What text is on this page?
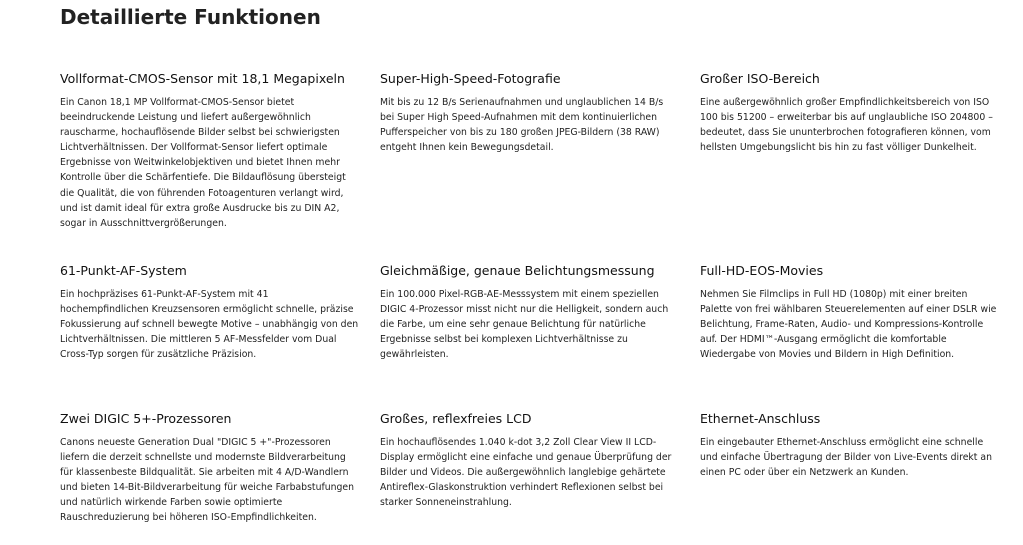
Detaillierte Funktionen
Vollformat-CMOS-Sensor mit 18,1 Megapixeln

Ein Canon 18,1 MP Vollformat-CMOS-Sensor bietet beeindruckende Leistung und liefert außergewöhnlich rauscharme, hochauflösende Bilder selbst bei schwierigsten Lichtverhältnissen. Der Vollformat-Sensor liefert optimale Ergebnisse von Weitwinkelobjektiven und bietet Ihnen mehr Kontrolle über die Schärfentiefe. Die Bildauflösung übersteigt die Qualität, die von führenden Fotoagenturen verlangt wird, und ist damit ideal für extra große Ausdrucke bis zu DIN A2, sogar in Ausschnittvergrößerungen.

Super-High-Speed-Fotografie

Mit bis zu 12 B/s Serienaufnahmen und unglaublichen 14 B/s bei Super High Speed-Aufnahmen mit dem kontinuierlichen Pufferspeicher von bis zu 180 großen JPEG-Bildern (38 RAW) entgeht Ihnen kein Bewegungsdetail.

Großer ISO-Bereich

Eine außergewöhnlich großer Empfindlichkeitsbereich von ISO 100 bis 51200 – erweiterbar bis auf unglaubliche ISO 204800 – bedeutet, dass Sie ununterbrochen fotografieren können, vom hellsten Umgebungslicht bis hin zu fast völliger Dunkelheit.

61-Punkt-AF-System

Ein hochpräzises 61-Punkt-AF-System mit 41 hochempfindlichen Kreuzsensoren ermöglicht schnelle, präzise Fokussierung auf schnell bewegte Motive – unabhängig von den Lichtverhältnissen. Die mittleren 5 AF-Messfelder vom Dual Cross-Typ sorgen für zusätzliche Präzision.

Gleichmäßige, genaue Belichtungsmessung

Ein 100.000 Pixel-RGB-AE-Messsystem mit einem speziellen DIGIC 4-Prozessor misst nicht nur die Helligkeit, sondern auch die Farbe, um eine sehr genaue Belichtung für natürliche Ergebnisse selbst bei komplexen Lichtverhältnisse zu gewährleisten.

Full-HD-EOS-Movies

Nehmen Sie Filmclips in Full HD (1080p) mit einer breiten Palette von frei wählbaren Steuerelementen auf einer DSLR wie Belichtung, Frame-Raten, Audio- und Kompressions-Kontrolle auf. Der HDMI™-Ausgang ermöglicht die komfortable Wiedergabe von Movies und Bildern in High Definition.

Zwei DIGIC 5+-Prozessoren

Canons neueste Generation Dual "DIGIC 5 +"-Prozessoren liefern die derzeit schnellste und modernste Bildverarbeitung für klassenbeste Bildqualität. Sie arbeiten mit 4 A/D-Wandlern und bieten 14-Bit-Bildverarbeitung für weiche Farbabstufungen und natürlich wirkende Farben sowie optimierte Rauschreduzierung bei höheren ISO-Empfindlichkeiten.

Großes, reflexfreies LCD

Ein hochauflösendes 1.040 k-dot 3,2 Zoll Clear View II LCD-Display ermöglicht eine einfache und genaue Überprüfung der Bilder und Videos. Die außergewöhnlich langlebige gehärtete Antireflex-Glaskonstruktion verhindert Reflexionen selbst bei starker Sonneneinstrahlung.

Ethernet-Anschluss

Ein eingebauter Ethernet-Anschluss ermöglicht eine schnelle und einfache Übertragung der Bilder von Live-Events direkt an einen PC oder über ein Netzwerk an Kunden.
